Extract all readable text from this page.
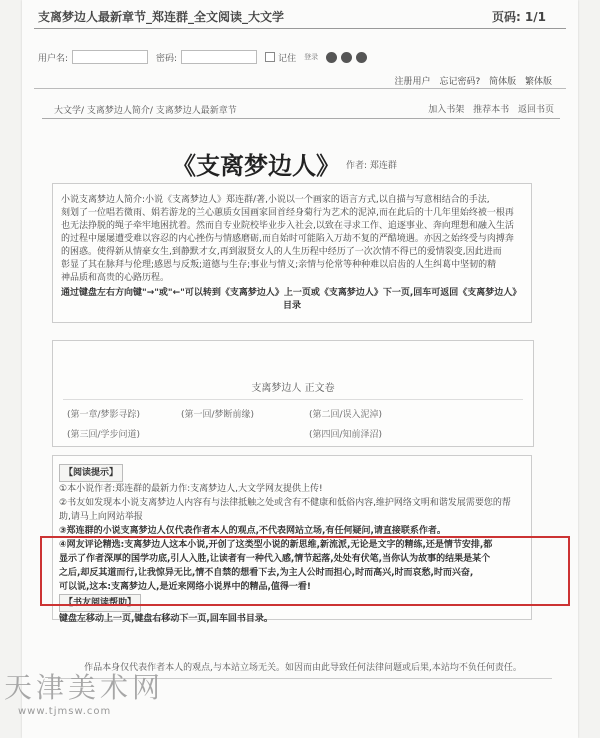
支离梦边人最新章节_郑连群_全文阅读_大文学	页码: 1/1
用户名:	密码:	记住 登录
注册用户 忘记密码? 简体版 繁体版
大文学/ 支离梦边人简介/ 支离梦边人最新章节	加入书架 推荐本书 返回书页
《支离梦边人》 作者: 郑连群
小说支离梦边人简介:小说《支离梦边人》郑连群/著,小说以一个画家的语言方式,以自描与写意相结合的手法,
刻划了一位唱若微雨、娟若游龙的兰心蕙质女国画家回首经身菊行为艺术的泥淖,而在此后的十几年里始终被一根再
也无法挣脱的绳子牵牢地困扰着。然而自专业院校毕业步入社会,以致在寻求工作、追逐事业、奔向理想和融入生活
的过程中屡屡遭受难以容忍的内心挫伤与情感磨砺,而自始时可能陷入万劫不复的严酷境遇。亦因之始终受与肉搏奔
的困惑。使得新从情豪女生,到静默才女,再到淑贤女人的人生历程中经历了一次次情不得已的爱情裂变,因此进而
彰显了其在脉拜与伦理;感恩与反叛;道德与生存;事业与情义;亲情与伦常等种种难以启齿的人生纠葛中坚韧的精
神品质和高贵的心路历程。
通过键盘左右方向键"→"或"←"可以转到《支离梦边人》上一页或《支离梦边人》下一页,回车可返回《支离梦边人》
目录
支离梦边人 正文卷
(第一章/梦影寻踪)	(第一回/梦断前缘)	(第二回/误入泥淖)
(第三回/学步问道)	(第四回/知前泽沼)
【阅读提示】

①本小说作者:郑连群的最新力作:支离梦边人,大文学网友提供上传!

②书友如发现本小说支离梦边人内容有与法律抵触之处或含有不健康和低俗内容,维护网络文明和谐发展需要您的帮

助,请马上向网站举报

③郑连群的小说支离梦边人仅代表作者本人的观点,不代表网站立场,有任何疑问,请直接联系作者。

④网友评论精选:支离梦边人这本小说,开创了这类型小说的新思维,新流派,无论是文字的精练,还是情节安排,都

显示了作者深厚的国学功底,引人入胜,让读者有一种代入感,情节起落,处处有伏笔,当你认为故事的结果是某个

之后,却反其道而行,让我惊异无比,情不自禁的想看下去,为主人公时而担心,时而高兴,时而哀愁,时而兴奋,

可以说,这本:支离梦边人,是近来网络小说界中的精品,值得一看!

【书友阅读帮助】

键盘左移动上一页,键盘右移动下一页,回车回书目录。

作品本身仅代表作者本人的观点,与本站立场无关。如因而由此导致任何法律问题或后果,本站均不负任何责任。
天津美术网
www.tjmsw.com
